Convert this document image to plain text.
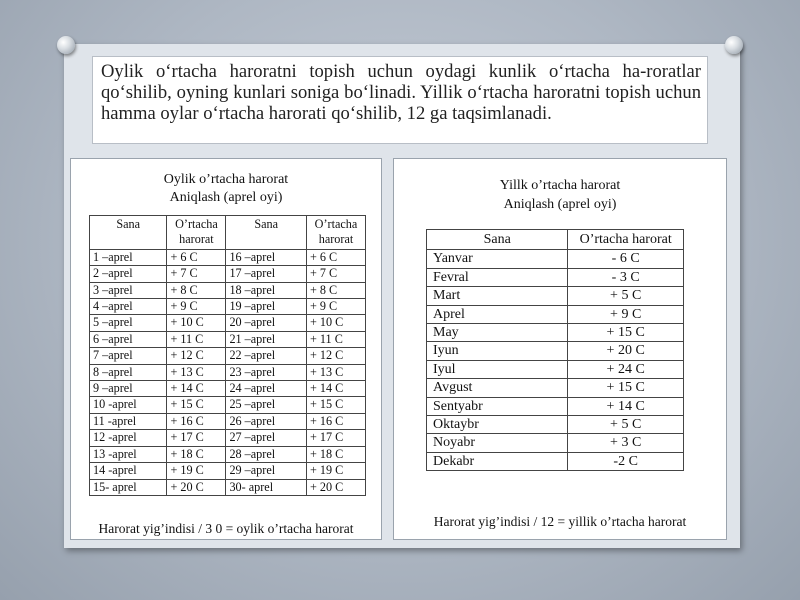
Oylik o‘rtacha haroratni topish uchun oydagi kunlik o‘rtacha ha-roratlar qo‘shilib, oyning kunlari soniga bo‘linadi. Yillik o‘rtacha haroratni topish uchun hamma oylar o‘rtacha harorati qo‘shilib, 12 ga taqsimlanadi.
Oylik o’rtacha harorat
Aniqlash (aprel oyi)
Sana	O’rtacha harorat	Sana	O’rtacha harorat
1 –aprel	+ 6 C	16 –aprel	+ 6 C
2 –aprel	+ 7 C	17 –aprel	+ 7 C
3 –aprel	+ 8 C	18 –aprel	+ 8 C
4 –aprel	+ 9 C	19 –aprel	+ 9 C
5 –aprel	+ 10 C	20 –aprel	+ 10 C
6 –aprel	+ 11 C	21 –aprel	+ 11 C
7 –aprel	+ 12 C	22 –aprel	+ 12 C
8 –aprel	+ 13 C	23 –aprel	+ 13 C
9 –aprel	+ 14 C	24 –aprel	+ 14 C
10 -aprel	+ 15 C	25 –aprel	+ 15 C
11 -aprel	+ 16 C	26 –aprel	+ 16 C
12 -aprel	+ 17 C	27 –aprel	+ 17 C
13 -aprel	+ 18 C	28 –aprel	+ 18 C
14 -aprel	+ 19 C	29 –aprel	+ 19 C
15- aprel	+ 20 C	30- aprel	+ 20 C
Harorat yig’indisi / 3 0 = oylik o’rtacha harorat
Yillk o’rtacha harorat
Aniqlash (aprel oyi)
Sana	O’rtacha harorat
Yanvar	- 6 C
Fevral	- 3 C
Mart	+ 5 C
Aprel	+ 9 C
May	+ 15 C
Iyun	+ 20 C
Iyul	+ 24 C
Avgust	+ 15 C
Sentyabr	+ 14 C
Oktaybr	+ 5 C
Noyabr	+ 3 C
Dekabr	-2 C
Harorat yig’indisi / 12 = yillik o’rtacha harorat
